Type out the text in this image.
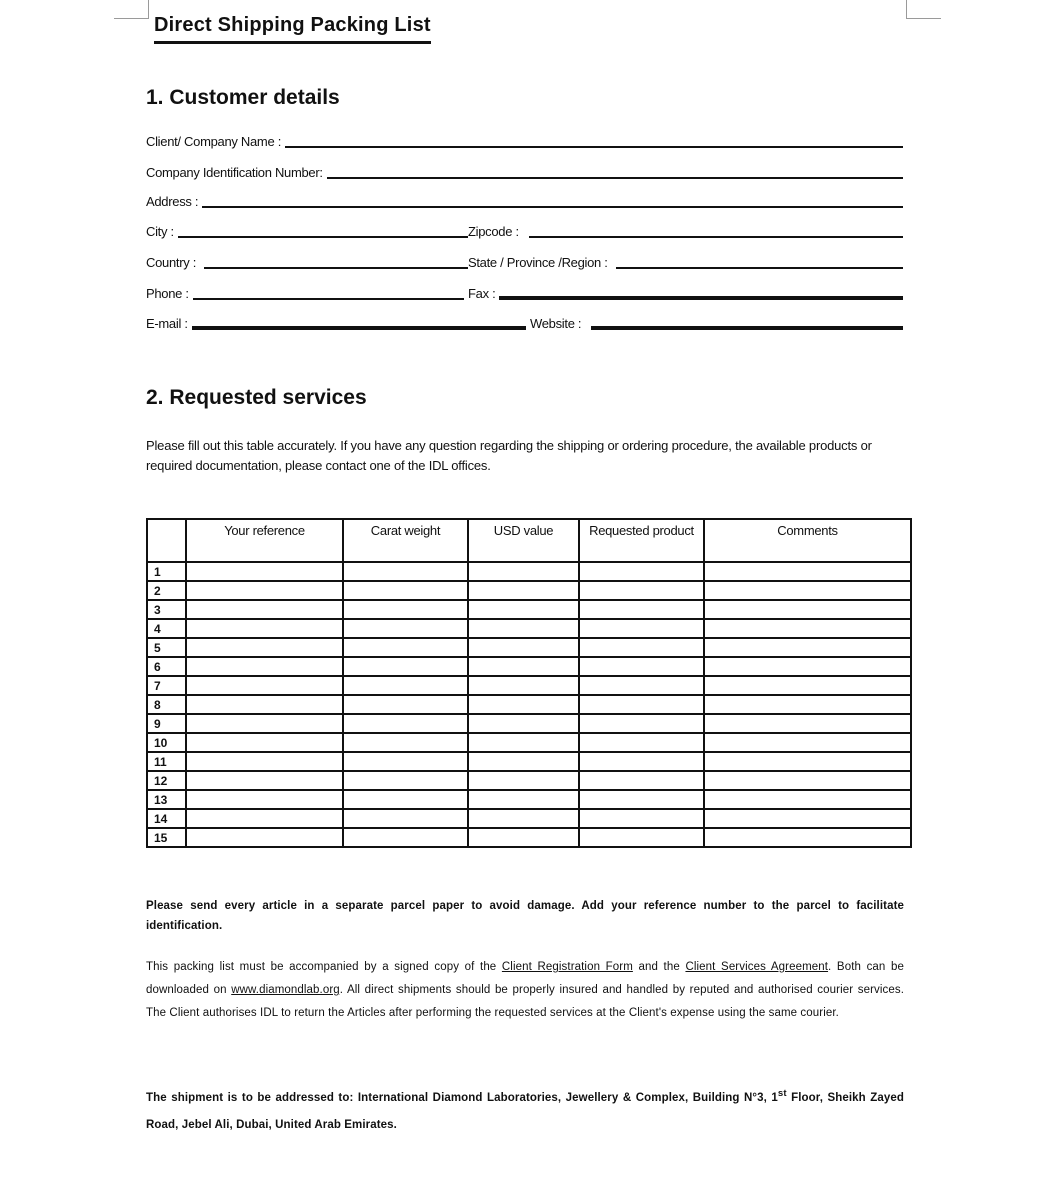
Direct Shipping Packing List
1. Customer details
Client/ Company Name :
Company Identification Number:
Address :
City :	Zipcode :
Country :	State / Province /Region :
Phone :	Fax :
E-mail :	Website :
2. Requested services

Please fill out this table accurately. If you have any question regarding the shipping or ordering procedure, the available products or required documentation, please contact one of the IDL offices.

	Your reference	Carat weight	USD value	Requested product	Comments
1					
2					
3					
4					
5					
6					
7					
8					
9					
10					
11					
12					
13					
14					
15					

Please send every article in a separate parcel paper to avoid damage. Add your reference number to the parcel to facilitate identification.

This packing list must be accompanied by a signed copy of the Client Registration Form and the Client Services Agreement. Both can be downloaded on www.diamondlab.org. All direct shipments should be properly insured and handled by reputed and authorised courier services. The Client authorises IDL to return the Articles after performing the requested services at the Client's expense using the same courier.

The shipment is to be addressed to: International Diamond Laboratories, Jewellery & Complex, Building N°3, 1st Floor, Sheikh Zayed Road, Jebel Ali, Dubai, United Arab Emirates.
